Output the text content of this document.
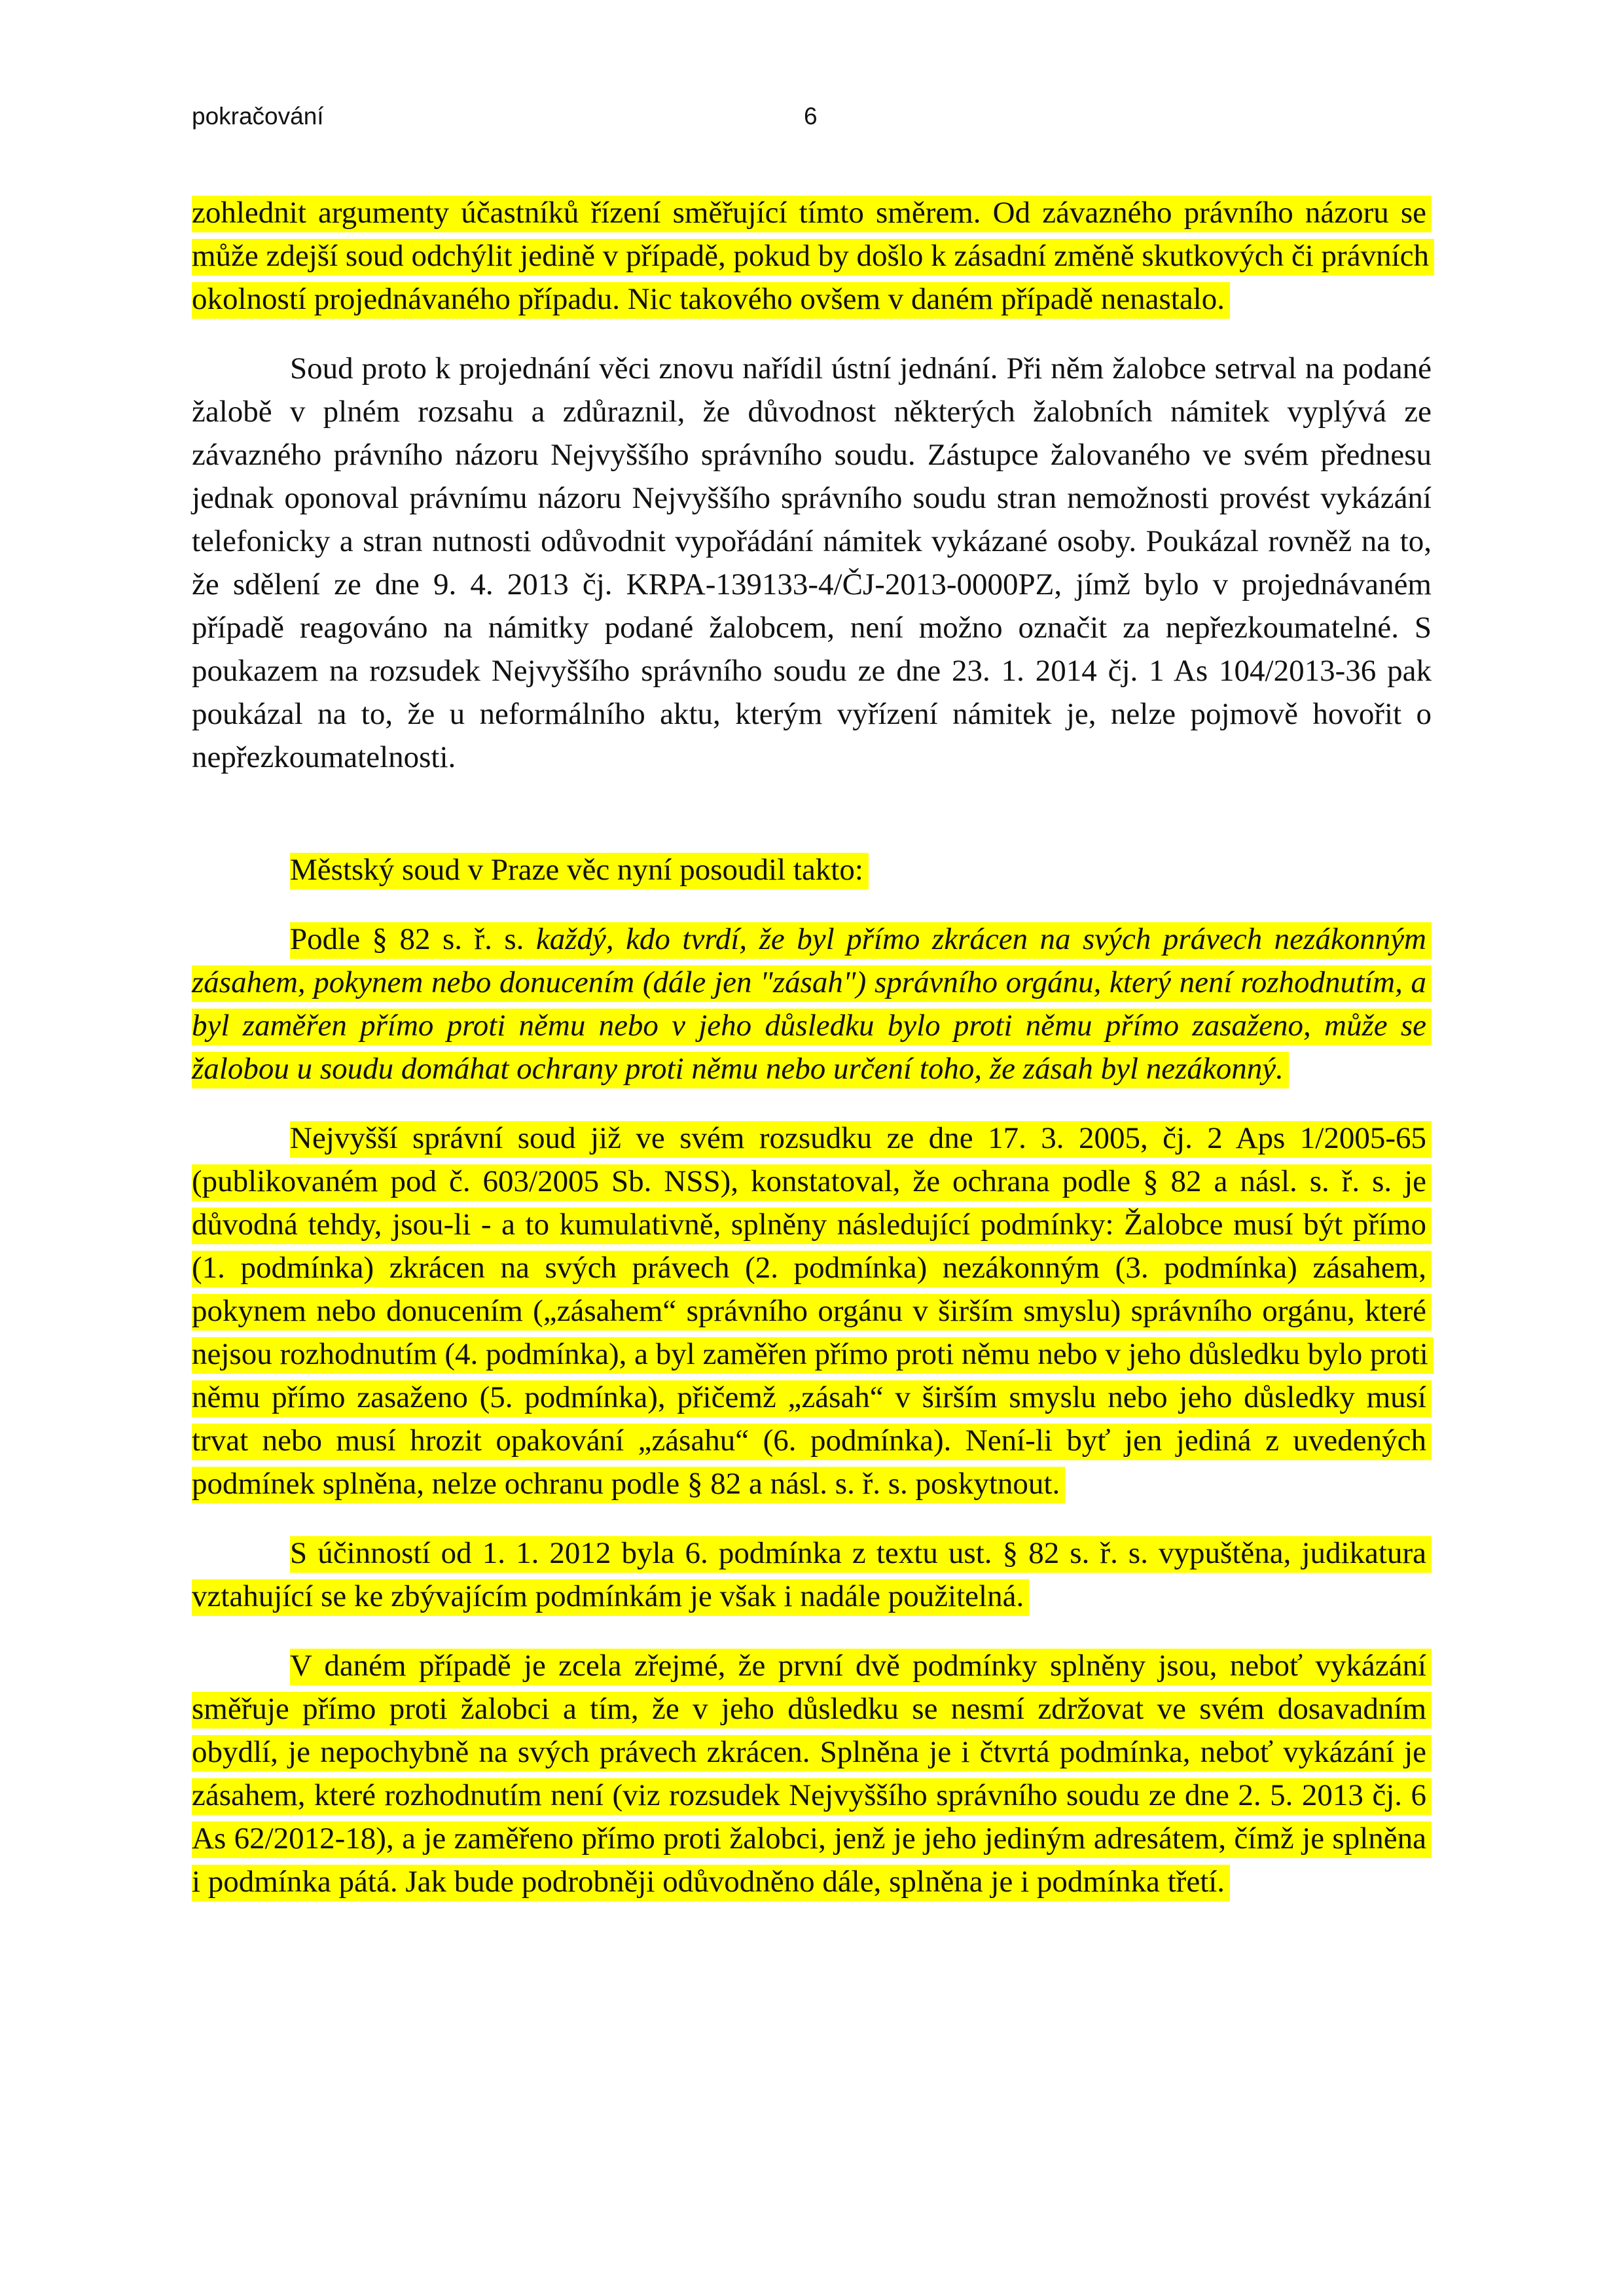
pokračování	6

zohlednit argumenty účastníků řízení směřující tímto směrem. Od závazného právního názoru se může zdejší soud odchýlit jedině v případě, pokud by došlo k zásadní změně skutkových či právních okolností projednávaného případu. Nic takového ovšem v daném případě nenastalo.

Soud proto k projednání věci znovu nařídil ústní jednání. Při něm žalobce setrval na podané žalobě v plném rozsahu a zdůraznil, že důvodnost některých žalobních námitek vyplývá ze závazného právního názoru Nejvyššího správního soudu. Zástupce žalovaného ve svém přednesu jednak oponoval právnímu názoru Nejvyššího správního soudu stran nemožnosti provést vykázání telefonicky a stran nutnosti odůvodnit vypořádání námitek vykázané osoby. Poukázal rovněž na to, že sdělení ze dne 9. 4. 2013 čj. KRPA-139133-4/ČJ-2013-0000PZ, jímž bylo v projednávaném případě reagováno na námitky podané žalobcem, není možno označit za nepřezkoumatelné. S poukazem na rozsudek Nejvyššího správního soudu ze dne 23. 1. 2014 čj. 1 As 104/2013-36 pak poukázal na to, že u neformálního aktu, kterým vyřízení námitek je, nelze pojmově hovořit o nepřezkoumatelnosti.

Městský soud v Praze věc nyní posoudil takto:

Podle § 82 s. ř. s. každý, kdo tvrdí, že byl přímo zkrácen na svých právech nezákonným zásahem, pokynem nebo donucením (dále jen "zásah") správního orgánu, který není rozhodnutím, a byl zaměřen přímo proti němu nebo v jeho důsledku bylo proti němu přímo zasaženo, může se žalobou u soudu domáhat ochrany proti němu nebo určení toho, že zásah byl nezákonný.

Nejvyšší správní soud již ve svém rozsudku ze dne 17. 3. 2005, čj. 2 Aps 1/2005-65 (publikovaném pod č. 603/2005 Sb. NSS), konstatoval, že ochrana podle § 82 a násl. s. ř. s. je důvodná tehdy, jsou-li - a to kumulativně, splněny následující podmínky: Žalobce musí být přímo (1. podmínka) zkrácen na svých právech (2. podmínka) nezákonným (3. podmínka) zásahem, pokynem nebo donucením („zásahem“ správního orgánu v širším smyslu) správního orgánu, které nejsou rozhodnutím (4. podmínka), a byl zaměřen přímo proti němu nebo v jeho důsledku bylo proti němu přímo zasaženo (5. podmínka), přičemž „zásah“ v širším smyslu nebo jeho důsledky musí trvat nebo musí hrozit opakování „zásahu“ (6. podmínka). Není-li byť jen jediná z uvedených podmínek splněna, nelze ochranu podle § 82 a násl. s. ř. s. poskytnout.

S účinností od 1. 1. 2012 byla 6. podmínka z textu ust. § 82 s. ř. s. vypuštěna, judikatura vztahující se ke zbývajícím podmínkám je však i nadále použitelná.

V daném případě je zcela zřejmé, že první dvě podmínky splněny jsou, neboť vykázání směřuje přímo proti žalobci a tím, že v jeho důsledku se nesmí zdržovat ve svém dosavadním obydlí, je nepochybně na svých právech zkrácen. Splněna je i čtvrtá podmínka, neboť vykázání je zásahem, které rozhodnutím není (viz rozsudek Nejvyššího správního soudu ze dne 2. 5. 2013 čj. 6 As 62/2012-18), a je zaměřeno přímo proti žalobci, jenž je jeho jediným adresátem, čímž je splněna i podmínka pátá. Jak bude podrobněji odůvodněno dále, splněna je i podmínka třetí.
